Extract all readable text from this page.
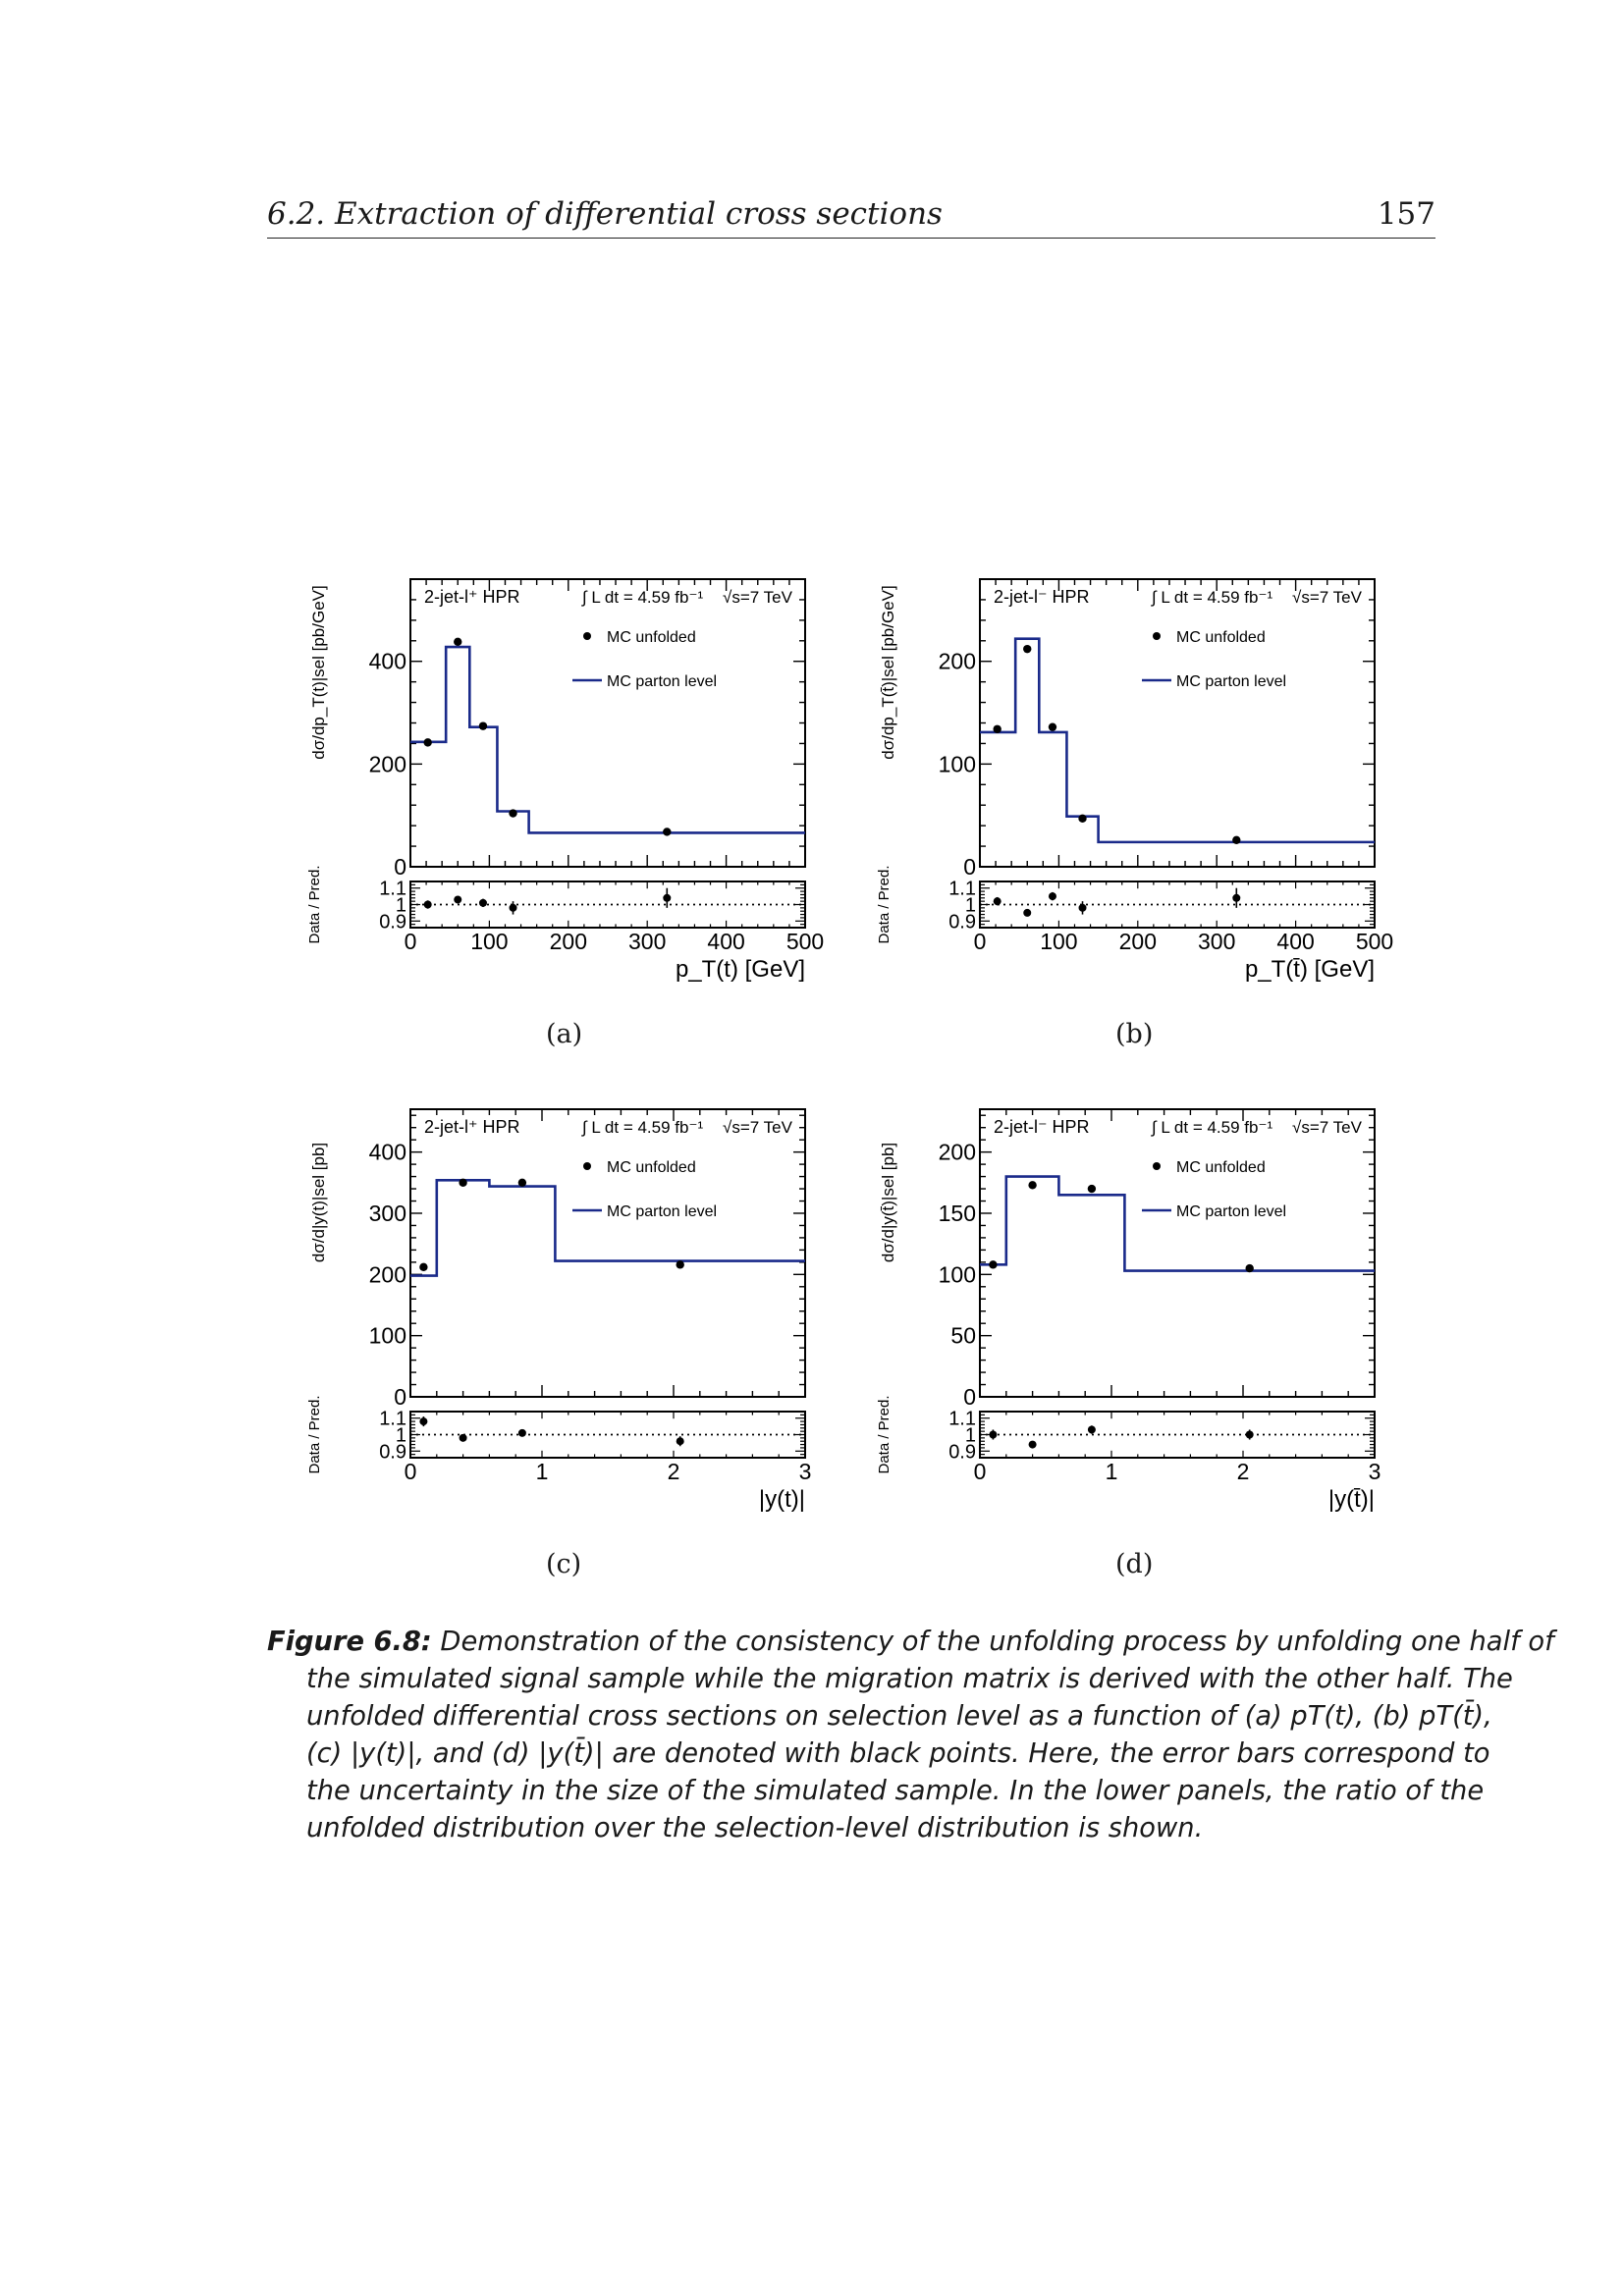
6.2. Extraction of differential cross sections	157
0
200
400
0.9
1
1.1
0 100 200 300 400 500
p_T(t) [GeV]
dσ/dp_T(t)|sel [pb/GeV]
Data / Pred.
2-jet-l⁺ HPR	∫ L dt = 4.59 fb⁻¹ √s=7 TeV
MC unfolded
MC parton level
0
100
200
0.9
1
1.1
0 100 200 300 400 500
p_T(t̄) [GeV]
dσ/dp_T(t̄)|sel [pb/GeV]
Data / Pred.
2-jet-l⁻ HPR	∫ L dt = 4.59 fb⁻¹ √s=7 TeV
MC unfolded
MC parton level
0
100
200
300
400
0.9
1
1.1
0	1	2	3
|y(t)|
dσ/d|y(t)|sel [pb]
Data / Pred.
2-jet-l⁺ HPR	∫ L dt = 4.59 fb⁻¹ √s=7 TeV
MC unfolded
MC parton level
0
50
100
150
200
0.9
1
1.1
0	1	2	3
|y(t̄)|
dσ/d|y(t̄)|sel [pb]
Data / Pred.
2-jet-l⁻ HPR	∫ L dt = 4.59 fb⁻¹ √s=7 TeV
MC unfolded
MC parton level
(a)	(b)
(c)	(d)
Figure 6.8: Demonstration of the consistency of the unfolding process by unfolding one half of
the simulated signal sample while the migration matrix is derived with the other half. The
unfolded differential cross sections on selection level as a function of (a) pT(t), (b) pT(t̄),
(c) |y(t)|, and (d) |y(t̄)| are denoted with black points. Here, the error bars correspond to
the uncertainty in the size of the simulated sample. In the lower panels, the ratio of the
unfolded distribution over the selection-level distribution is shown.
